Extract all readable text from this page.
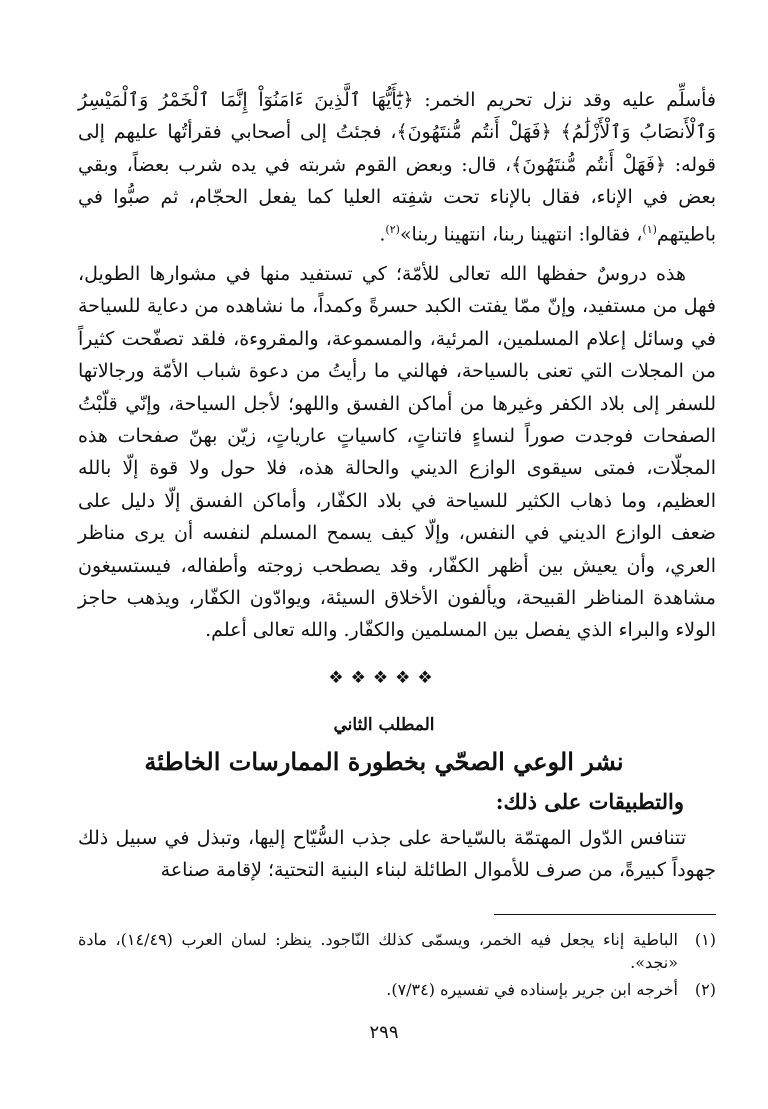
فأسلِّم عليه وقد نزل تحريم الخمر: ﴿يَٰٓأَيُّهَا ٱلَّذِينَ ءَامَنُوٓاْ إِنَّمَا ٱلْخَمْرُ وَٱلْمَيْسِرُ وَٱلْأَنصَابُ وَٱلْأَزْلَٰمُ﴾ ﴿فَهَلْ أَنتُم مُّنتَهُونَ﴾، فجئتُ إلى أصحابي فقرأتُها عليهم إلى قوله: ﴿فَهَلْ أَنتُم مُّنتَهُونَ﴾، قال: وبعض القوم شربته في يده شرب بعضاً، وبقي بعض في الإناء، فقال بالإناء تحت شفِته العليا كما يفعل الحجّام، ثم صبُّوا في باطيتهم$^{(١)}$، فقالوا: انتهينا ربنا، انتهينا ربنا»$^{(٢)}$.

هذه دروسٌ حفظها الله تعالى للأمّة؛ كي تستفيد منها في مشوارها الطويل، فهل من مستفيد، وإنّ ممّا يفتت الكبد حسرةً وكمداً، ما نشاهده من دعاية للسياحة في وسائل إعلام المسلمين، المرئية، والمسموعة، والمقروءة، فلقد تصفّحت كثيراً من المجلات التي تعنى بالسياحة، فهالني ما رأيتُ من دعوة شباب الأمّة ورجالاتها للسفر إلى بلاد الكفر وغيرها من أماكن الفسق واللهو؛ لأجل السياحة، وإنّي قلّبْتُ الصفحات فوجدت صوراً لنساءٍ فاتناتٍ، كاسياتٍ عارياتٍ، زيّن بهنّ صفحات هذه المجلّات، فمتى سيقوى الوازع الديني والحالة هذه، فلا حول ولا قوة إلّا بالله العظيم، وما ذهاب الكثير للسياحة في بلاد الكفّار، وأماكن الفسق إلّا دليل على ضعف الوازع الديني في النفس، وإلّا كيف يسمح المسلم لنفسه أن يرى مناظر العري، وأن يعيش بين أظهر الكفّار، وقد يصطحب زوجته وأطفاله، فيستسيغون مشاهدة المناظر القبيحة، ويألفون الأخلاق السيئة، ويوادّون الكفّار، ويذهب حاجز الولاء والبراء الذي يفصل بين المسلمين والكفّار. والله تعالى أعلم.

❖❖❖❖❖
المطلب الثاني
نشر الوعي الصحّي بخطورة الممارسات الخاطئة
والتطبيقات على ذلك:

تتنافس الدّول المهتمّة بالسّياحة على جذب السُّيّاح إليها، وتبذل في سبيل ذلك جهوداً كبيرةً، من صرف للأموال الطائلة لبناء البنية التحتية؛ لإقامة صناعة

(١)
الباطية إناء يجعل فيه الخمر، ويسمّى كذلك النّاجود. ينظر: لسان العرب (١٤/٤٩)، مادة «نجد».

(٢)
أخرجه ابن جرير بإسناده في تفسيره (٧/٣٤).

٢٩٩
